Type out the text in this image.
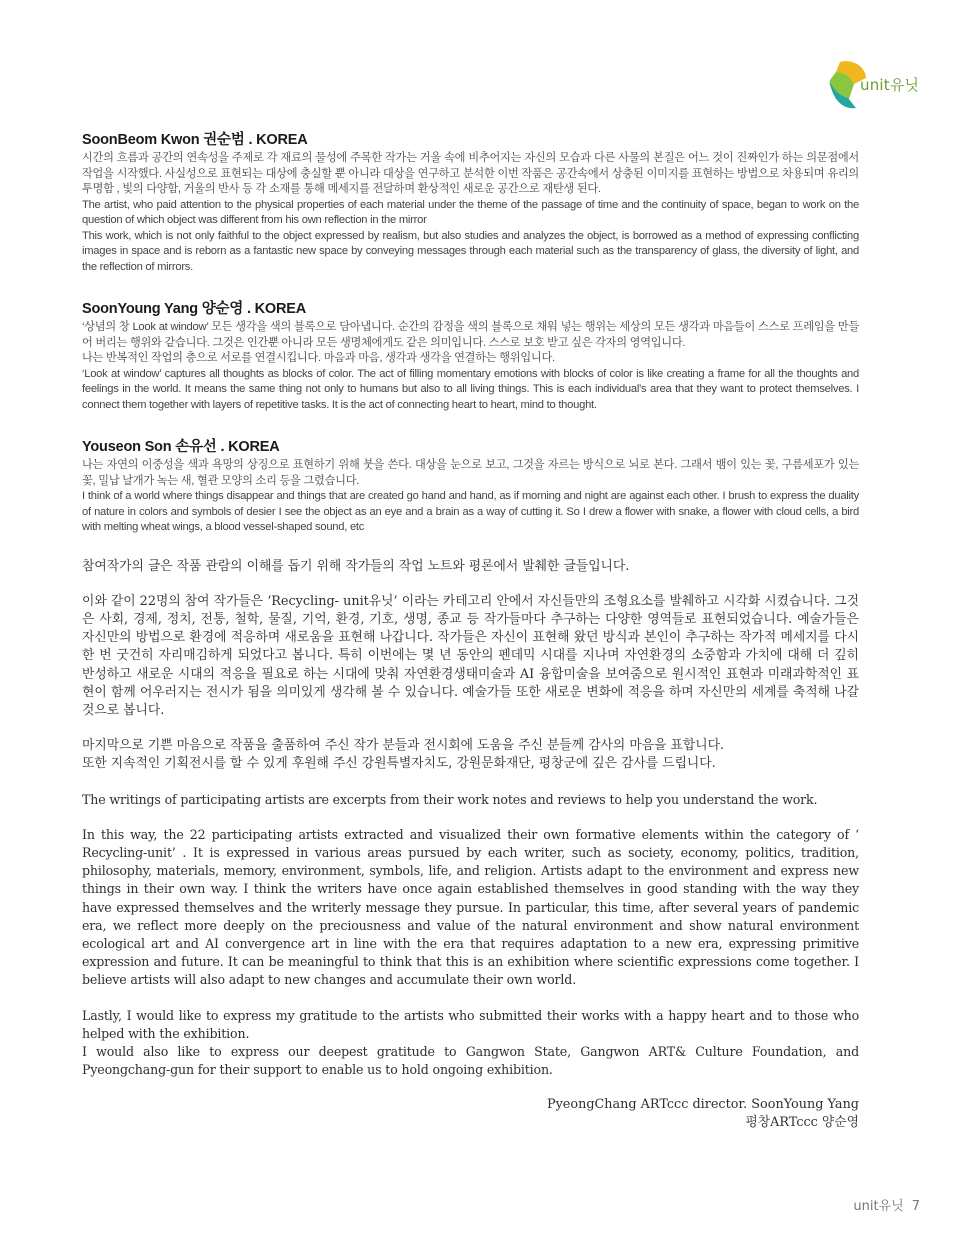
unit유닛
SoonBeom Kwon 권순범 . KOREA

시간의 흐름과 공간의 연속성을 주제로 각 재료의 물성에 주목한 작가는 거울 속에 비추어지는 자신의 모습과 다른 사물의 본질은 어느 것이 진짜인가 하는 의문점에서 작업을 시작했다. 사실성으로 표현되는 대상에 충실할 뿐 아니라 대상을 연구하고 분석한 이번 작품은 공간속에서 상충된 이미지를 표현하는 방법으로 차용되며 유리의 투명함 , 빛의 다양함, 거울의 반사 등 각 소재를 통해 메세지를 전달하며 환상적인 새로운 공간으로 재탄생 된다.

The artist, who paid attention to the physical properties of each material under the theme of the passage of time and the continuity of space, began to work on the question of which object was different from his own reflection in the mirror

This work, which is not only faithful to the object expressed by realism, but also studies and analyzes the object, is borrowed as a method of expressing conflicting images in space and is reborn as a fantastic new space by conveying messages through each material such as the transparency of glass, the diversity of light, and the reflection of mirrors.

SoonYoung Yang 양순영 . KOREA

‘상념의 창 Look at window’ 모든 생각을 색의 블록으로 담아냅니다. 순간의 감정을 색의 블록으로 채워 넣는 행위는 세상의 모든 생각과 마음들이 스스로 프레임을 만들어 버리는 행위와 같습니다. 그것은 인간뿐 아니라 모든 생명체에게도 같은 의미입니다. 스스로 보호 받고 싶은 각자의 영역입니다.

나는 반복적인 작업의 층으로 서로를 연결시킵니다. 마음과 마음, 생각과 생각을 연결하는 행위입니다.

‘Look at window’ captures all thoughts as blocks of color. The act of filling momentary emotions with blocks of color is like creating a frame for all the thoughts and feelings in the world. It means the same thing not only to humans but also to all living things. This is each individual's area that they want to protect themselves. I connect them together with layers of repetitive tasks. It is the act of connecting heart to heart, mind to thought.

Youseon Son 손유선 . KOREA

나는 자연의 이중성을 색과 욕망의 상징으로 표현하기 위해 붓을 쓴다. 대상을 눈으로 보고, 그것을 자르는 방식으로 뇌로 본다. 그래서 뱀이 있는 꽃, 구름세포가 있는 꽃, 밀납 날개가 녹는 새, 혈관 모양의 소리 등을 그렸습니다.

I think of a world where things disappear and things that are created go hand and hand, as if morning and night are against each other. I brush to express the duality of nature in colors and symbols of desier I see the object as an eye and a brain as a way of cutting it. So I drew a flower with snake, a flower with cloud cells, a bird with melting wheat wings, a blood vessel-shaped sound, etc

참여작가의 글은 작품 관람의 이해를 돕기 위해 작가들의 작업 노트와 평론에서 발췌한 글들입니다.

이와 같이 22명의 참여 작가들은 ‘Recycling- unit유닛’ 이라는 카테고리 안에서 자신들만의 조형요소를 발췌하고 시각화 시켰습니다. 그것은 사회, 경제, 정치, 전통, 철학, 물질, 기억, 환경, 기호, 생명, 종교 등 작가들마다 추구하는 다양한 영역들로 표현되었습니다. 예술가들은 자신만의 방법으로 환경에 적응하며 새로움을 표현해 나갑니다. 작가들은 자신이 표현해 왔던 방식과 본인이 추구하는 작가적 메세지를 다시 한 번 굿건히 자리매김하게 되었다고 봅니다. 특히 이번에는 몇 년 동안의 펜데믹 시대를 지나며 자연환경의 소중함과 가치에 대해 더 깊히 반성하고 새로운 시대의 적응을 필요로 하는 시대에 맞춰 자연환경생태미술과 AI 융합미술을 보여줌으로 원시적인 표현과 미래과학적인 표현이 함께 어우러지는 전시가 됨을 의미있게 생각해 볼 수 있습니다. 예술가들 또한 새로운 변화에 적응을 하며 자신만의 세계를 축적해 나갈 것으로 봅니다.

마지막으로 기쁜 마음으로 작품을 출품하여 주신 작가 분들과 전시회에 도움을 주신 분들께 감사의 마음을 표합니다.

또한 지속적인 기획전시를 할 수 있게 후원해 주신 강원특별자치도, 강원문화재단, 평창군에 깊은 감사를 드립니다.

The writings of participating artists are excerpts from their work notes and reviews to help you understand the work.

In this way, the 22 participating artists extracted and visualized their own formative elements within the category of ‘ Recycling-unit’ . It is expressed in various areas pursued by each writer, such as society, economy, politics, tradition, philosophy, materials, memory, environment, symbols, life, and religion. Artists adapt to the environment and express new things in their own way. I think the writers have once again established themselves in good standing with the way they have expressed themselves and the writerly message they pursue. In particular, this time, after several years of pandemic era, we reflect more deeply on the preciousness and value of the natural environment and show natural environment ecological art and AI convergence art in line with the era that requires adaptation to a new era, expressing primitive expression and future. It can be meaningful to think that this is an exhibition where scientific expressions come together. I believe artists will also adapt to new changes and accumulate their own world.

Lastly, I would like to express my gratitude to the artists who submitted their works with a happy heart and to those who helped with the exhibition.

I would also like to express our deepest gratitude to Gangwon State, Gangwon ART& Culture Foundation, and Pyeongchang-gun for their support to enable us to hold ongoing exhibition.

PyeongChang ARTccc director. SoonYoung Yang
평창ARTccc 양순영
unit유닛 7
